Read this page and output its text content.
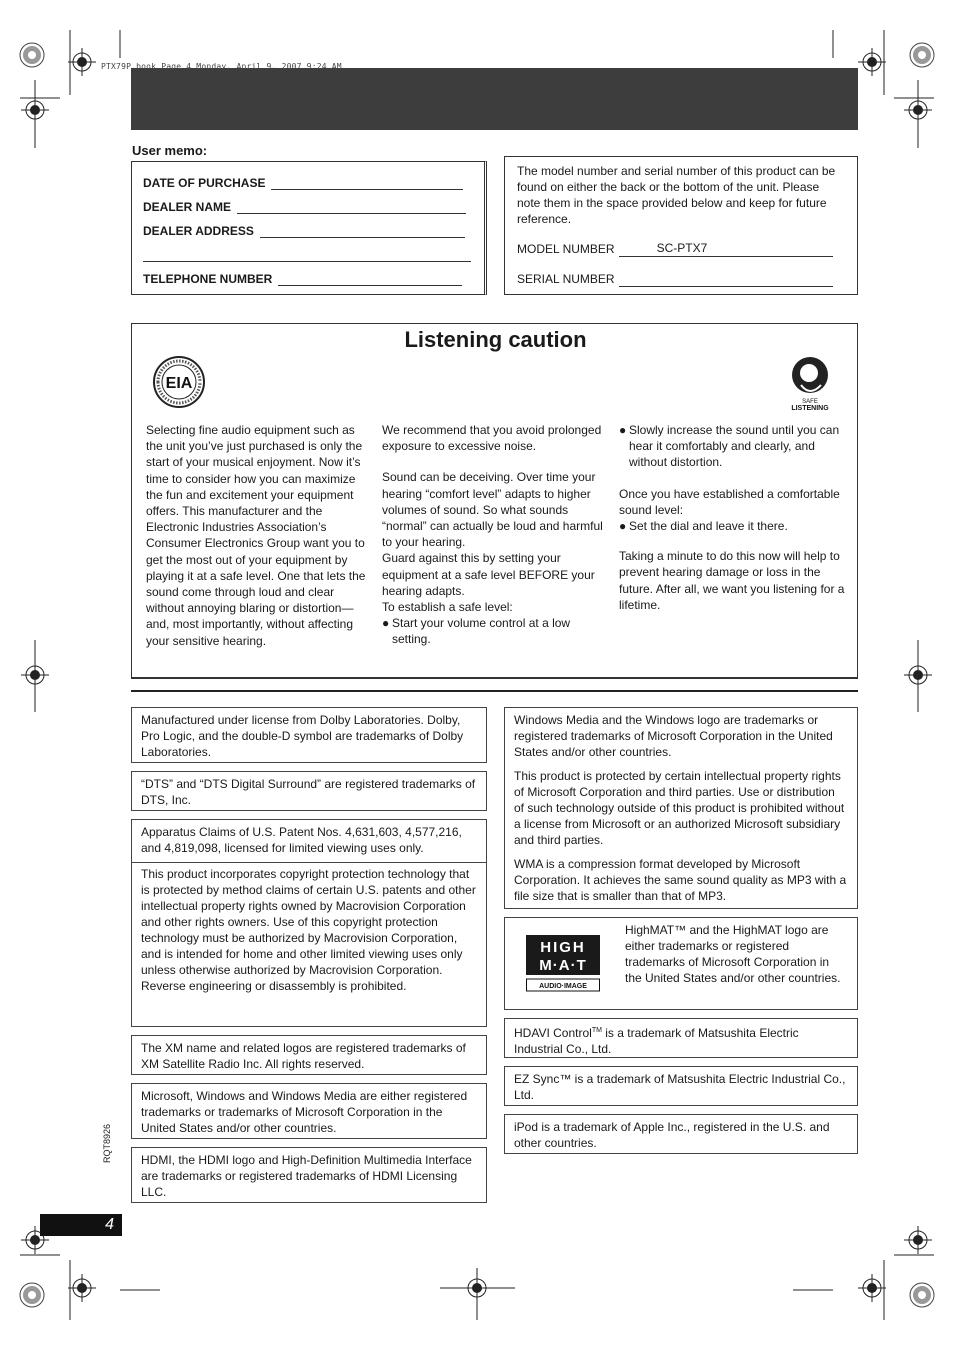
PTX79P.book Page 4 Monday, April 9, 2007 9:24 AM
User memo:
DATE OF PURCHASE
DEALER NAME
DEALER ADDRESS
TELEPHONE NUMBER
The model number and serial number of this product can be found on either the back or the bottom of the unit. Please note them in the space provided below and keep for future reference.
MODEL NUMBER	SC-PTX7
SERIAL NUMBER
Listening caution
EIA
SAFE
LISTENING

Selecting fine audio equipment such as the unit you’ve just purchased is only the start of your musical enjoyment. Now it’s time to consider how you can maximize the fun and excitement your equipment offers. This manufacturer and the Electronic Industries Association’s Consumer Electronics Group want you to get the most out of your equipment by playing it at a safe level. One that lets the sound come through loud and clear without annoying blaring or distortion—and, most importantly, without affecting your sensitive hearing.

We recommend that you avoid prolonged exposure to excessive noise.

Sound can be deceiving. Over time your hearing “comfort level” adapts to higher volumes of sound. So what sounds “normal” can actually be loud and harmful to your hearing.

Guard against this by setting your equipment at a safe level BEFORE your hearing adapts.

To establish a safe level:

● Start your volume control at a low setting.
● Slowly increase the sound until you can hear it comfortably and clearly, and without distortion.

Once you have established a comfortable sound level:

● Set the dial and leave it there.

Taking a minute to do this now will help to prevent hearing damage or loss in the future. After all, we want you listening for a lifetime.

Manufactured under license from Dolby Laboratories. Dolby, Pro Logic, and the double-D symbol are trademarks of Dolby Laboratories.
“DTS” and “DTS Digital Surround” are registered trademarks of DTS, Inc.
Apparatus Claims of U.S. Patent Nos. 4,631,603, 4,577,216, and 4,819,098, licensed for limited viewing uses only.
This product incorporates copyright protection technology that is protected by method claims of certain U.S. patents and other intellectual property rights owned by Macrovision Corporation and other rights owners. Use of this copyright protection technology must be authorized by Macrovision Corporation, and is intended for home and other limited viewing uses only unless otherwise authorized by Macrovision Corporation. Reverse engineering or disassembly is prohibited.
The XM name and related logos are registered trademarks of XM Satellite Radio Inc. All rights reserved.
Microsoft, Windows and Windows Media are either registered trademarks or trademarks of Microsoft Corporation in the United States and/or other countries.
HDMI, the HDMI logo and High-Definition Multimedia Interface are trademarks or registered trademarks of HDMI Licensing LLC.

Windows Media and the Windows logo are trademarks or registered trademarks of Microsoft Corporation in the United States and/or other countries.

This product is protected by certain intellectual property rights of Microsoft Corporation and third parties. Use or distribution of such technology outside of this product is prohibited without a license from Microsoft or an authorized Microsoft subsidiary and third parties.

WMA is a compression format developed by Microsoft Corporation. It achieves the same sound quality as MP3 with a file size that is smaller than that of MP3.

HIGH
M·A·T
AUDIO·IMAGE
HighMAT™ and the HighMAT logo are either trademarks or registered trademarks of Microsoft Corporation in the United States and/or other countries.
HDAVI Control™ is a trademark of Matsushita Electric Industrial Co., Ltd.
EZ Sync™ is a trademark of Matsushita Electric Industrial Co., Ltd.
iPod is a trademark of Apple Inc., registered in the U.S. and other countries.
RQT8926
4
